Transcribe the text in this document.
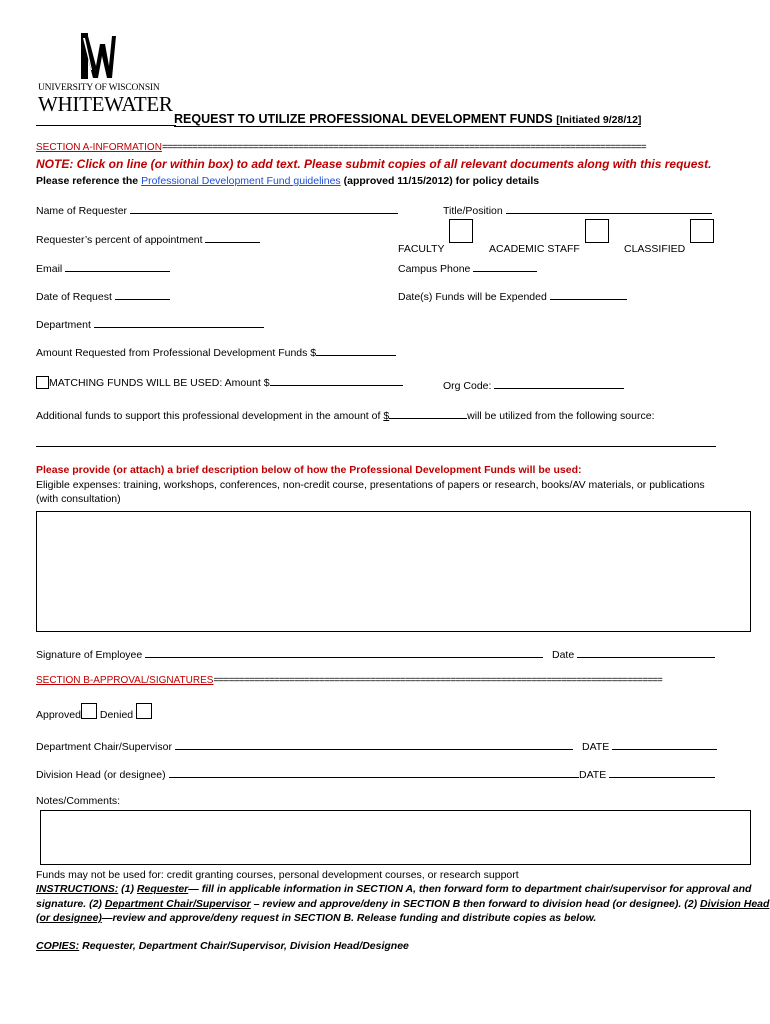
UNIVERSITY OF WISCONSIN
WHITEWATER
REQUEST TO UTILIZE PROFESSIONAL DEVELOPMENT FUNDS [Initiated 9/28/12]
SECTION A-INFORMATION================================================================================================
NOTE: Click on line (or within box) to add text. Please submit copies of all relevant documents along with this request.
Please reference the Professional Development Fund guidelines (approved 11/15/2012) for policy details
Name of Requester	Title/Position
Requester’s percent of appointment
FACULTY	ACADEMIC STAFF	CLASSIFIED
Email	Campus Phone
Date of Request	Date(s) Funds will be Expended
Department
Amount Requested from Professional Development Funds $
MATCHING FUNDS WILL BE USED: Amount $	Org Code:
Additional funds to support this professional development in the amount of $	will be utilized from the following source:
Please provide (or attach) a brief description below of how the Professional Development Funds will be used:
Eligible expenses: training, workshops, conferences, non-credit course, presentations of papers or research, books/AV materials, or publications
(with consultation)
Signature of Employee	Date
SECTION B-APPROVAL/SIGNATURES=========================================================================================
Approved Denied
Department Chair/Supervisor	DATE
Division Head (or designee)	DATE
Notes/Comments:
Funds may not be used for: credit granting courses, personal development courses, or research support
INSTRUCTIONS: (1) Requester— fill in applicable information in SECTION A, then forward form to department chair/supervisor for approval and
signature. (2) Department Chair/Supervisor – review and approve/deny in SECTION B then forward to division head (or designee). (2) Division Head
(or designee)—review and approve/deny request in SECTION B. Release funding and distribute copies as below.
COPIES: Requester, Department Chair/Supervisor, Division Head/Designee
